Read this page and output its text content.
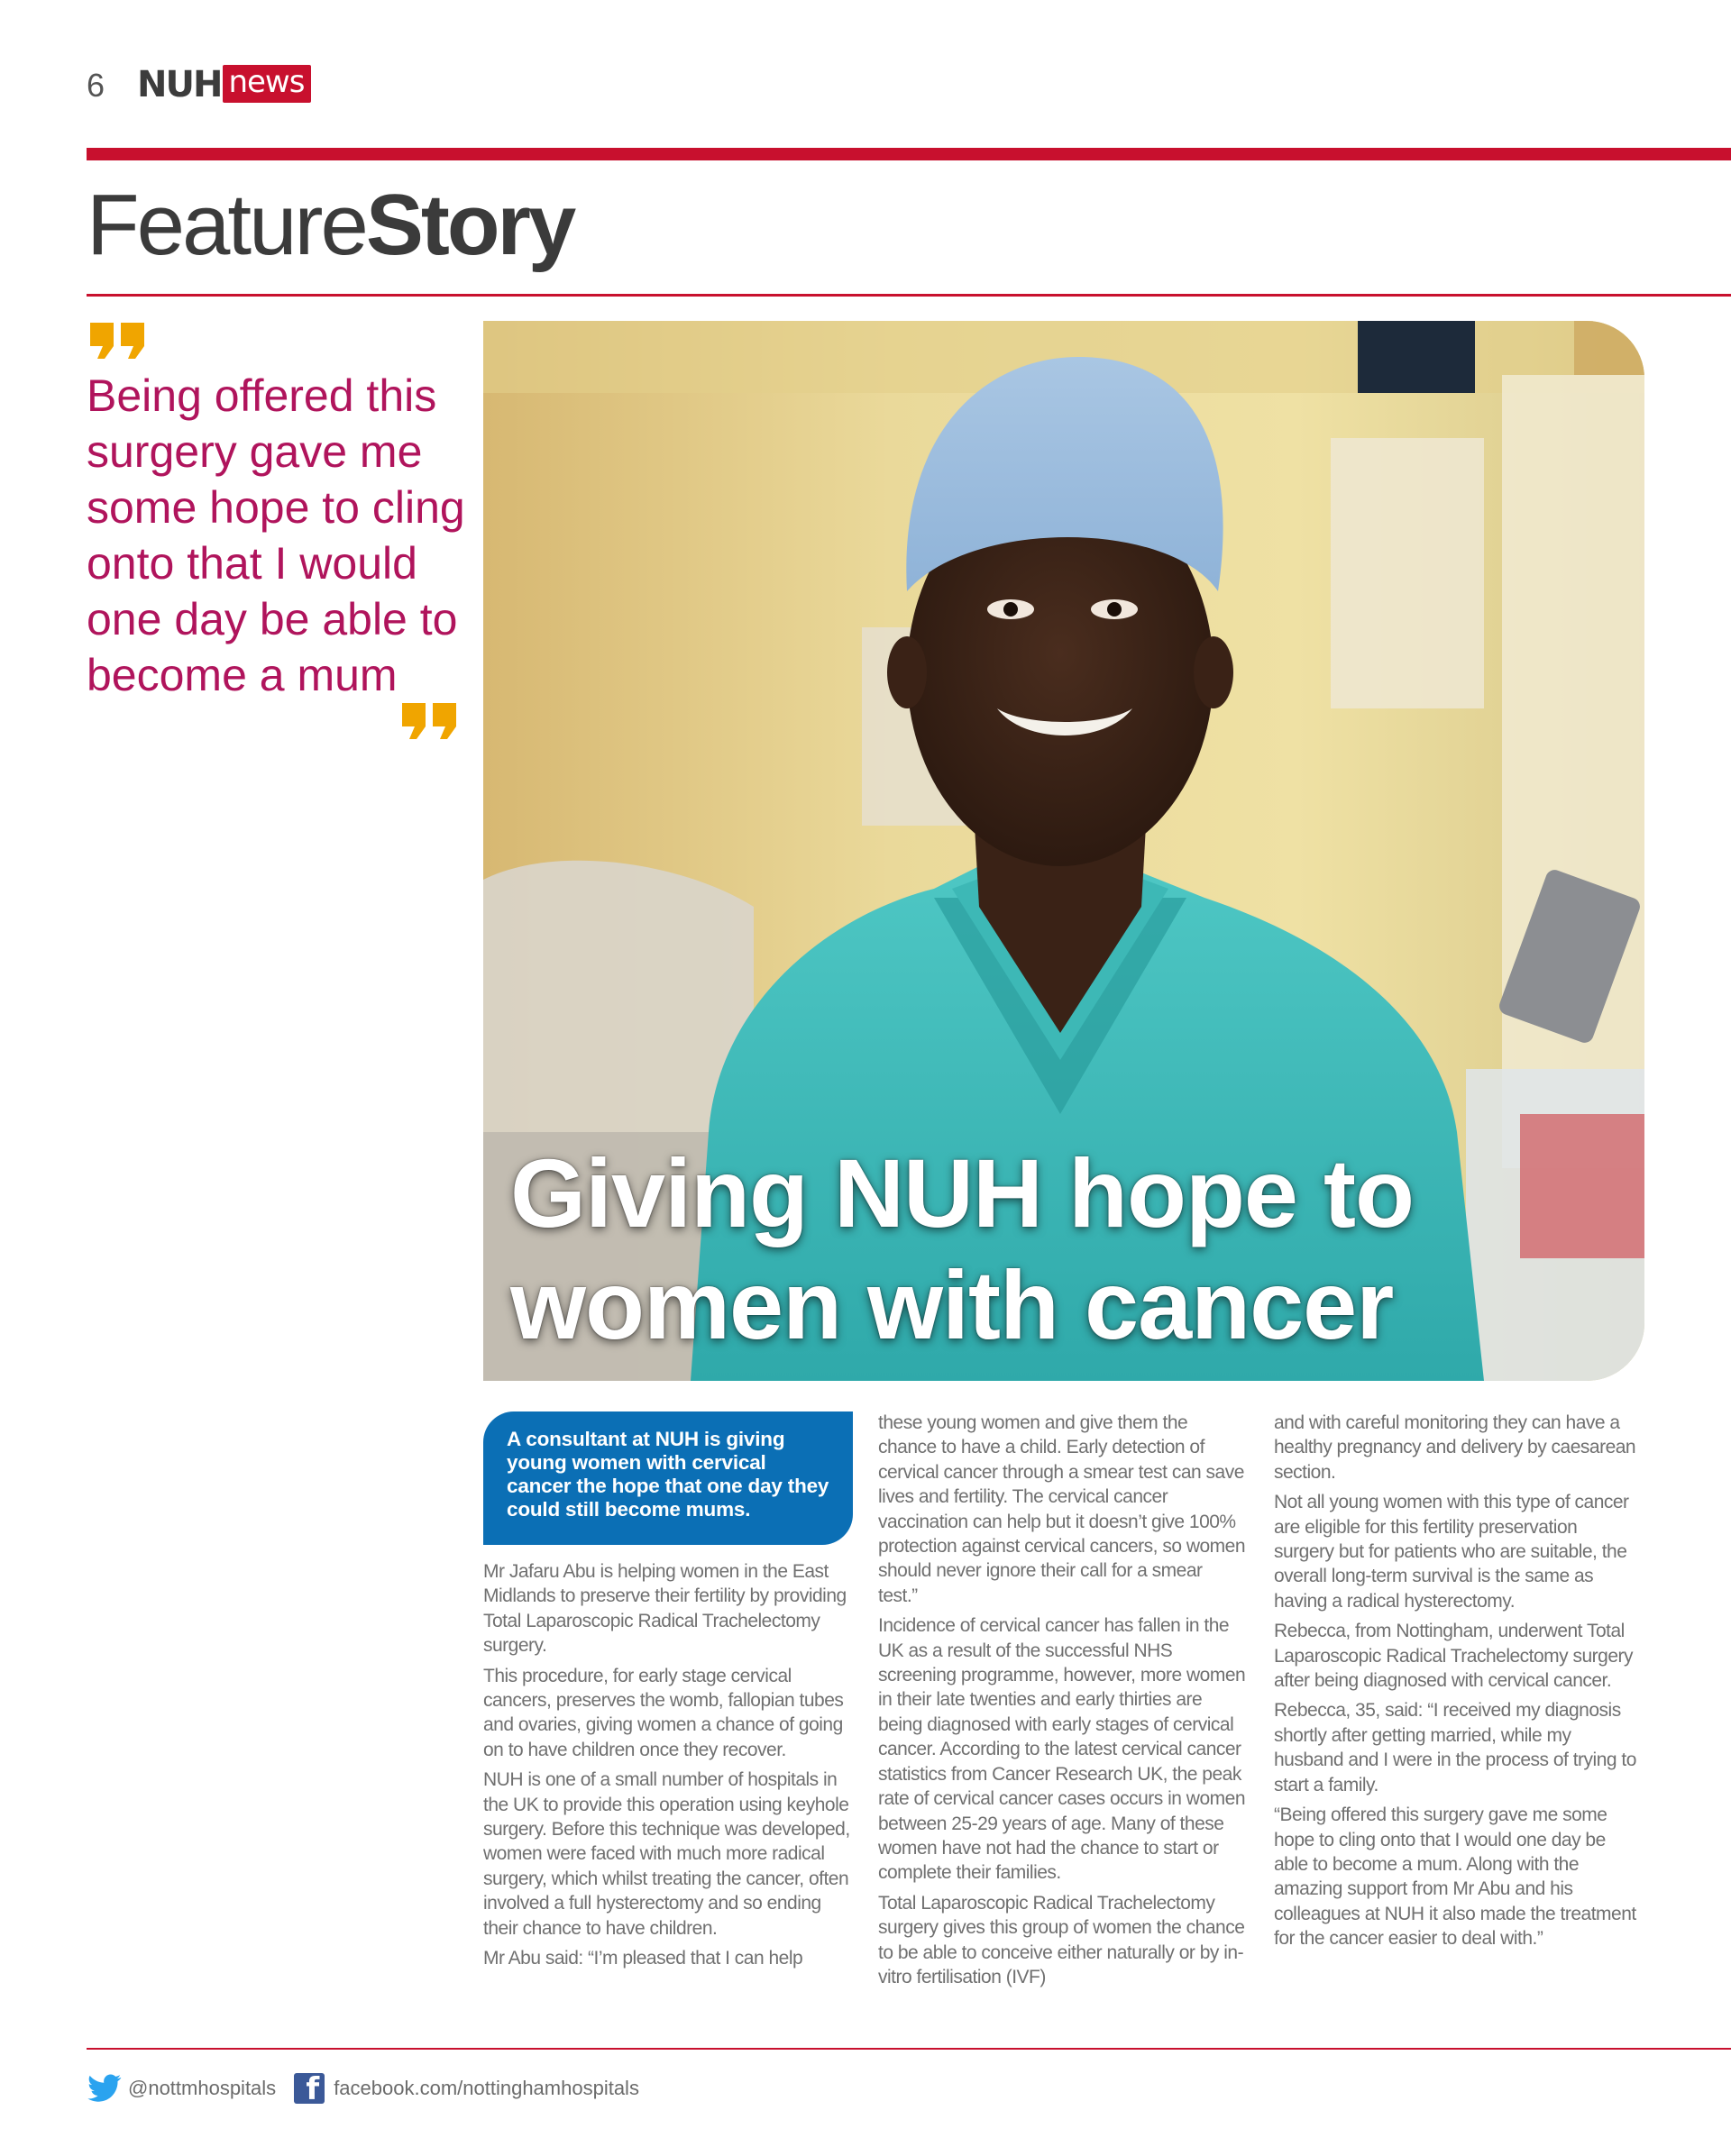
6 NUH news
FeatureStory
Being offered this surgery gave me some hope to cling onto that I would one day be able to become a mum
Giving NUH hope to
women with cancer
A consultant at NUH is giving young women with cervical cancer the hope that one day they could still become mums.

Mr Jafaru Abu is helping women in the East Midlands to preserve their fertility by providing Total Laparoscopic Radical Trachelectomy surgery.

This procedure, for early stage cervical cancers, preserves the womb, fallopian tubes and ovaries, giving women a chance of going on to have children once they recover.

NUH is one of a small number of hospitals in the UK to provide this operation using keyhole surgery. Before this technique was developed, women were faced with much more radical surgery, which whilst treating the cancer, often involved a full hysterectomy and so ending their chance to have children.

Mr Abu said: “I’m pleased that I can help

these young women and give them the chance to have a child. Early detection of cervical cancer through a smear test can save lives and fertility. The cervical cancer vaccination can help but it doesn’t give 100% protection against cervical cancers, so women should never ignore their call for a smear test.”

Incidence of cervical cancer has fallen in the UK as a result of the successful NHS screening programme, however, more women in their late twenties and early thirties are being diagnosed with early stages of cervical cancer. According to the latest cervical cancer statistics from Cancer Research UK, the peak rate of cervical cancer cases occurs in women between 25-29 years of age. Many of these women have not had the chance to start or complete their families.

Total Laparoscopic Radical Trachelectomy surgery gives this group of women the chance to be able to conceive either naturally or by in-vitro fertilisation (IVF)

and with careful monitoring they can have a healthy pregnancy and delivery by caesarean section.

Not all young women with this type of cancer are eligible for this fertility preservation surgery but for patients who are suitable, the overall long-term survival is the same as having a radical hysterectomy.

Rebecca, from Nottingham, underwent Total Laparoscopic Radical Trachelectomy surgery after being diagnosed with cervical cancer.

Rebecca, 35, said: “I received my diagnosis shortly after getting married, while my husband and I were in the process of trying to start a family.

“Being offered this surgery gave me some hope to cling onto that I would one day be able to become a mum. Along with the amazing support from Mr Abu and his colleagues at NUH it also made the treatment for the cancer easier to deal with.”

@nottmhospitals f facebook.com/nottinghamhospitals
